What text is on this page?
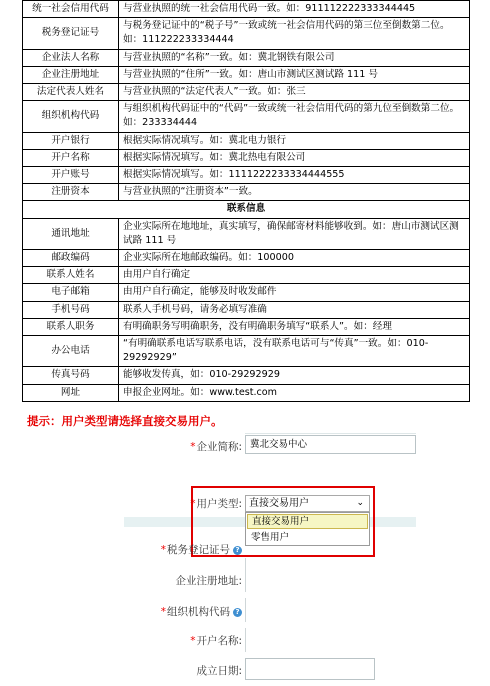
统一社会信用代码	与营业执照的统一社会信用代码一致。如：911112222333344445
税务登记证号	与税务登记证中的“税子号”一致或统一社会信用代码的第三位至倒数第二位。如：111222233334444
企业法人名称	与营业执照的“名称”一致。如：冀北钢铁有限公司
企业注册地址	与营业执照的“住所”一致。如：唐山市测试区测试路 111 号
法定代表人姓名	与营业执照的“法定代表人”一致。如：张三
组织机构代码	与组织机构代码证中的“代码”一致或统一社会信用代码的第九位至倒数第二位。如：233334444
开户银行	根据实际情况填写。如：冀北电力银行
开户名称	根据实际情况填写。如：冀北热电有限公司
开户账号	根据实际情况填写。如：1111222233334444555
注册资本	与营业执照的“注册资本”一致。
联系信息	
通讯地址	企业实际所在地地址，真实填写，确保邮寄材料能够收到。如：唐山市测试区测试路 111 号
邮政编码	企业实际所在地邮政编码。如：100000
联系人姓名	由用户自行确定
电子邮箱	由用户自行确定，能够及时收发邮件
手机号码	联系人手机号码，请务必填写准确
联系人职务	有明确职务写明确职务，没有明确职务填写“联系人”。如：经理
办公电话	“有明确联系电话写联系电话，没有联系电话可与“传真”一致。如：010-29292929”
传真号码	能够收发传真，如：010-29292929
网址	申报企业网址。如：www.test.com
提示：用户类型请选择直接交易用户。
*企业简称: 冀北交易中心
*用户类型: 直接交易用户	⌄
直接交易用户
零售用户
*税务登记证号 ?
企业注册地址:
*组织机构代码 ?
*开户名称:
成立日期:
